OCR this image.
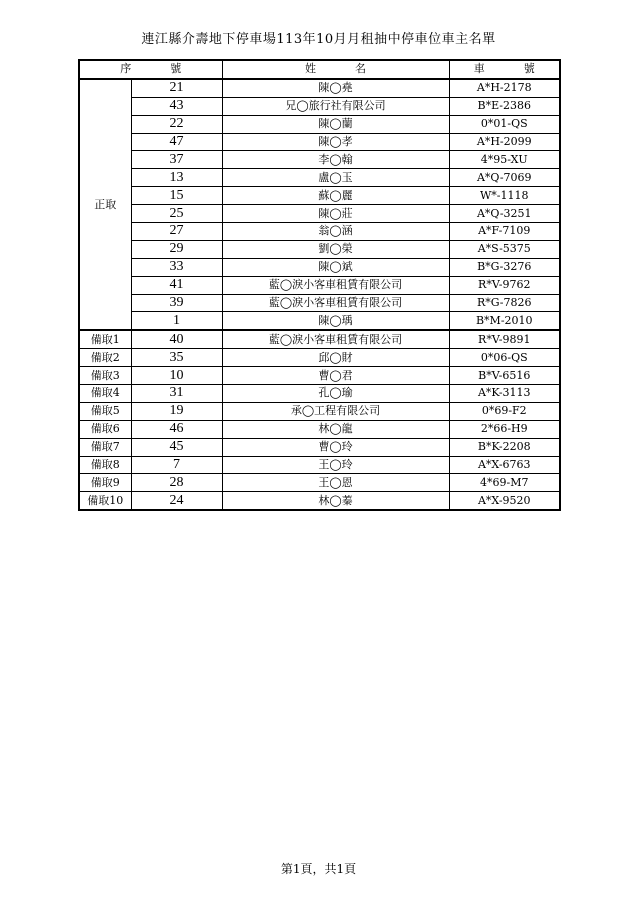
連江縣介壽地下停車場113年10月月租抽中停車位車主名單
序　號		姓　名	車　號
正取	21	陳◯堯	A*H-2178
	43	兄◯旅行社有限公司	B*E-2386
	22	陳◯蘭	0*01-QS
	47	陳◯孝	A*H-2099
	37	李◯翰	4*95-XU
	13	盧◯玉	A*Q-7069
	15	蘇◯麗	W*-1118
	25	陳◯莊	A*Q-3251
	27	翁◯涵	A*F-7109
	29	劉◯榮	A*S-5375
	33	陳◯斌	B*G-3276
	41	藍◯淚小客車租賃有限公司	R*V-9762
	39	藍◯淚小客車租賃有限公司	R*G-7826
	1	陳◯瑀	B*M-2010
備取1	40	藍◯淚小客車租賃有限公司	R*V-9891
備取2	35	邱◯財	0*06-QS
備取3	10	曹◯君	B*V-6516
備取4	31	孔◯瑜	A*K-3113
備取5	19	承◯工程有限公司	0*69-F2
備取6	46	林◯龍	2*66-H9
備取7	45	曹◯玲	B*K-2208
備取8	7	王◯玲	A*X-6763
備取9	28	王◯恩	4*69-M7
備取10	24	林◯蓁	A*X-9520
第1頁，共1頁
